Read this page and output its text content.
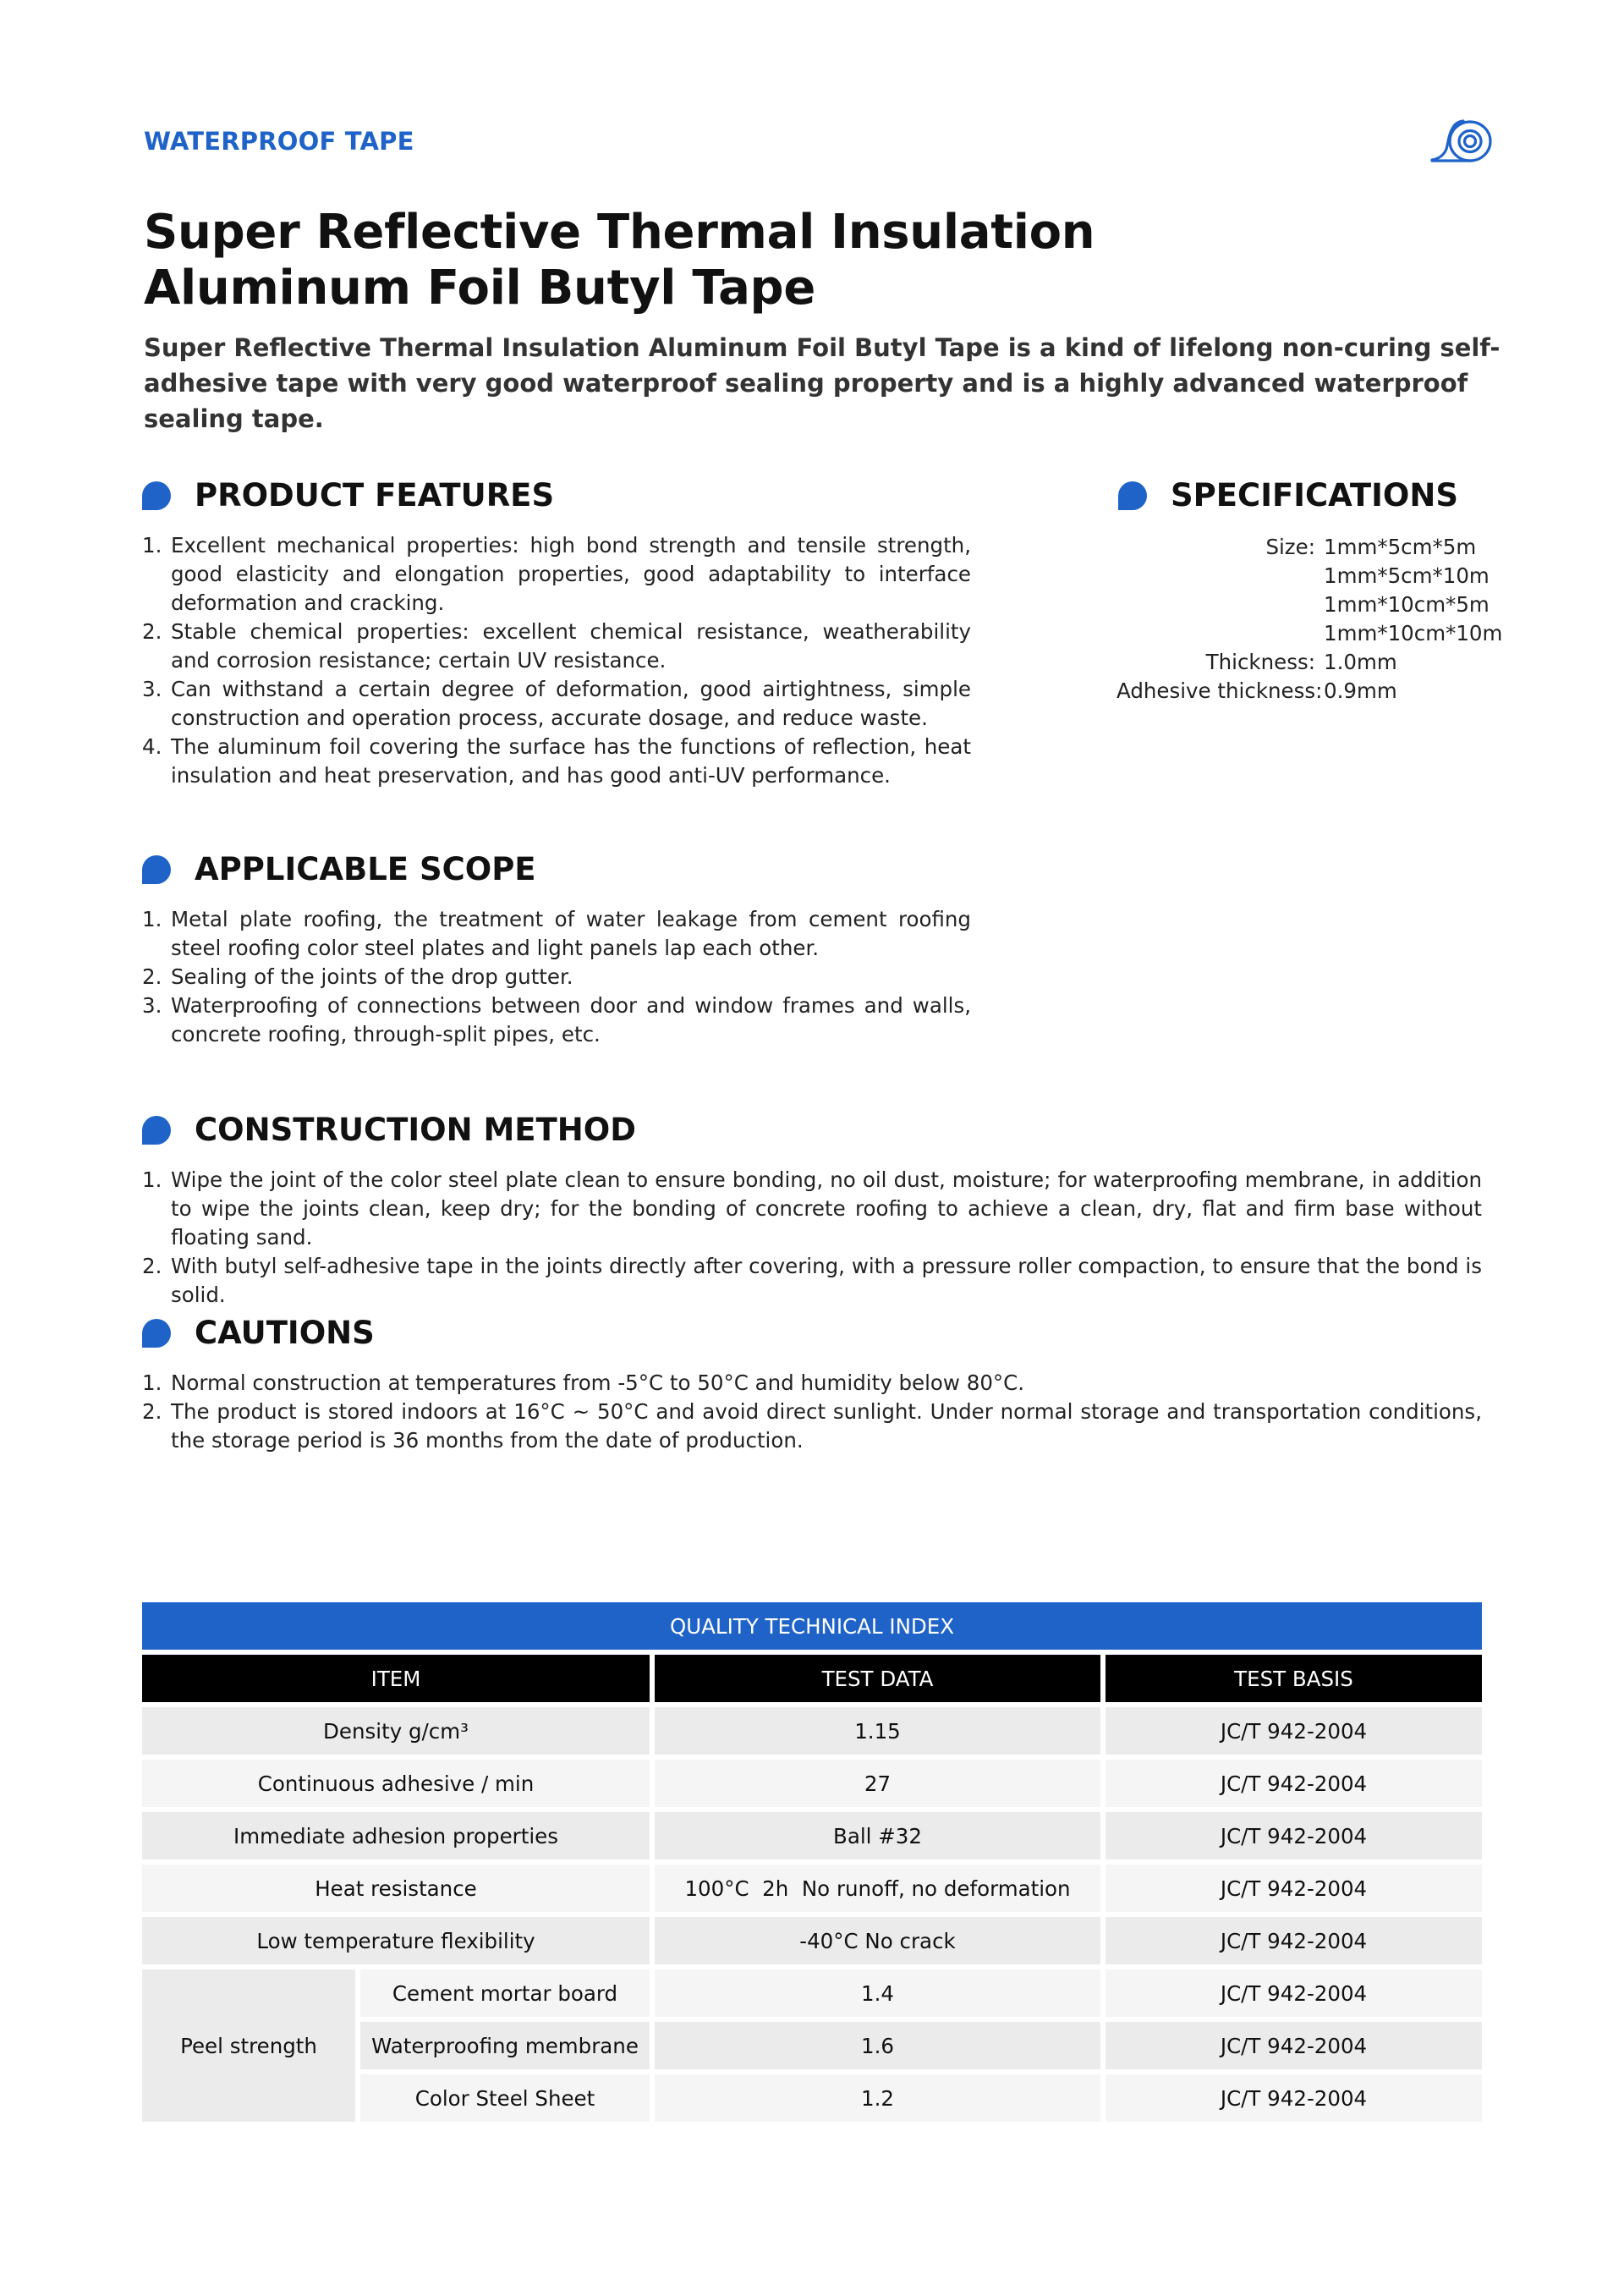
WATERPROOF TAPE
Super Reflective Thermal Insulation Aluminum Foil Butyl Tape

Super Reflective Thermal Insulation Aluminum Foil Butyl Tape is a kind of lifelong non-curing self-adhesive tape with very good waterproof sealing property and is a highly advanced waterproof sealing tape.

PRODUCT FEATURES
1. Excellent mechanical properties: high bond strength and tensile strength, good elasticity and elongation properties, good adaptability to interface deformation and cracking.
2. Stable chemical properties: excellent chemical resistance, weatherability and corrosion resistance; certain UV resistance.
3. Can withstand a certain degree of deformation, good airtightness, simple construction and operation process, accurate dosage, and reduce waste.
4. The aluminum foil covering the surface has the functions of reflection, heat insulation and heat preservation, and has good anti-UV performance.
SPECIFICATIONS
Size: 1mm*5cm*5m
1mm*5cm*10m
1mm*10cm*5m
1mm*10cm*10m
Thickness: 1.0mm
Adhesive thickness: 0.9mm
APPLICABLE SCOPE
1. Metal plate roofing, the treatment of water leakage from cement roofing steel roofing color steel plates and light panels lap each other.
2. Sealing of the joints of the drop gutter.
3. Waterproofing of connections between door and window frames and walls, concrete roofing, through-split pipes, etc.
CONSTRUCTION METHOD
1. Wipe the joint of the color steel plate clean to ensure bonding, no oil dust, moisture; for waterproofing membrane, in addition to wipe the joints clean, keep dry; for the bonding of concrete roofing to achieve a clean, dry, flat and firm base without floating sand.
2. With butyl self-adhesive tape in the joints directly after covering, with a pressure roller compaction, to ensure that the bond is solid.
CAUTIONS
1. Normal construction at temperatures from -5°C to 50°C and humidity below 80°C.
2. The product is stored indoors at 16°C ~ 50°C and avoid direct sunlight. Under normal storage and transportation conditions, the storage period is 36 months from the date of production.
QUALITY TECHNICAL INDEX
ITEM	TEST DATA	TEST BASIS
Density g/cm³	1.15	JC/T 942-2004
Continuous adhesive / min	27	JC/T 942-2004
Immediate adhesion properties	Ball #32	JC/T 942-2004
Heat resistance	100°C  2h  No runoff, no deformation	JC/T 942-2004
Low temperature flexibility	-40°C No crack	JC/T 942-2004
Peel strength
Cement mortar board	1.4	JC/T 942-2004
Waterproofing membrane	1.6	JC/T 942-2004
Color Steel Sheet	1.2	JC/T 942-2004
